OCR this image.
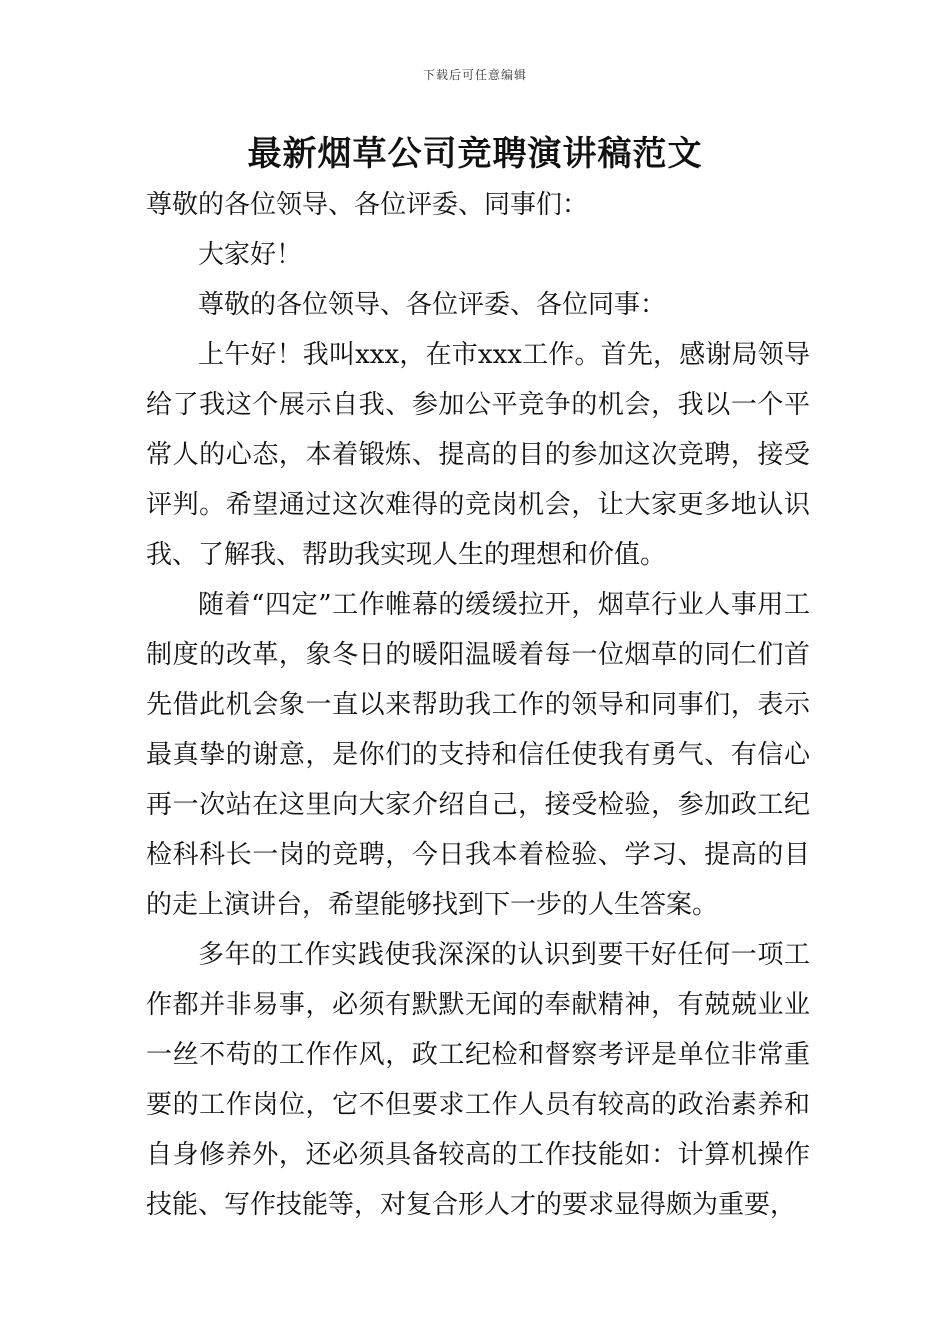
下载后可任意编辑
最新烟草公司竞聘演讲稿范文

尊敬的各位领导、各位评委、同事们：

大家好！

尊敬的各位领导、各位评委、各位同事：

上午好！我叫xxx，在市xxx工作。首先，感谢局领导给了我这个展示自我、参加公平竞争的机会，我以一个平常人的心态，本着锻炼、提高的目的参加这次竞聘，接受评判。希望通过这次难得的竞岗机会，让大家更多地认识我、了解我、帮助我实现人生的理想和价值。

随着“四定”工作帷幕的缓缓拉开，烟草行业人事用工制度的改革，象冬日的暖阳温暖着每一位烟草的同仁们首先借此机会象一直以来帮助我工作的领导和同事们，表示最真挚的谢意，是你们的支持和信任使我有勇气、有信心再一次站在这里向大家介绍自己，接受检验，参加政工纪检科科长一岗的竞聘，今日我本着检验、学习、提高的目的走上演讲台，希望能够找到下一步的人生答案。

多年的工作实践使我深深的认识到要干好任何一项工作都并非易事，必须有默默无闻的奉献精神，有兢兢业业一丝不苟的工作作风，政工纪检和督察考评是单位非常重要的工作岗位，它不但要求工作人员有较高的政治素养和自身修养外，还必须具备较高的工作技能如：计算机操作技能、写作技能等，对复合形人才的要求显得颇为重要，
